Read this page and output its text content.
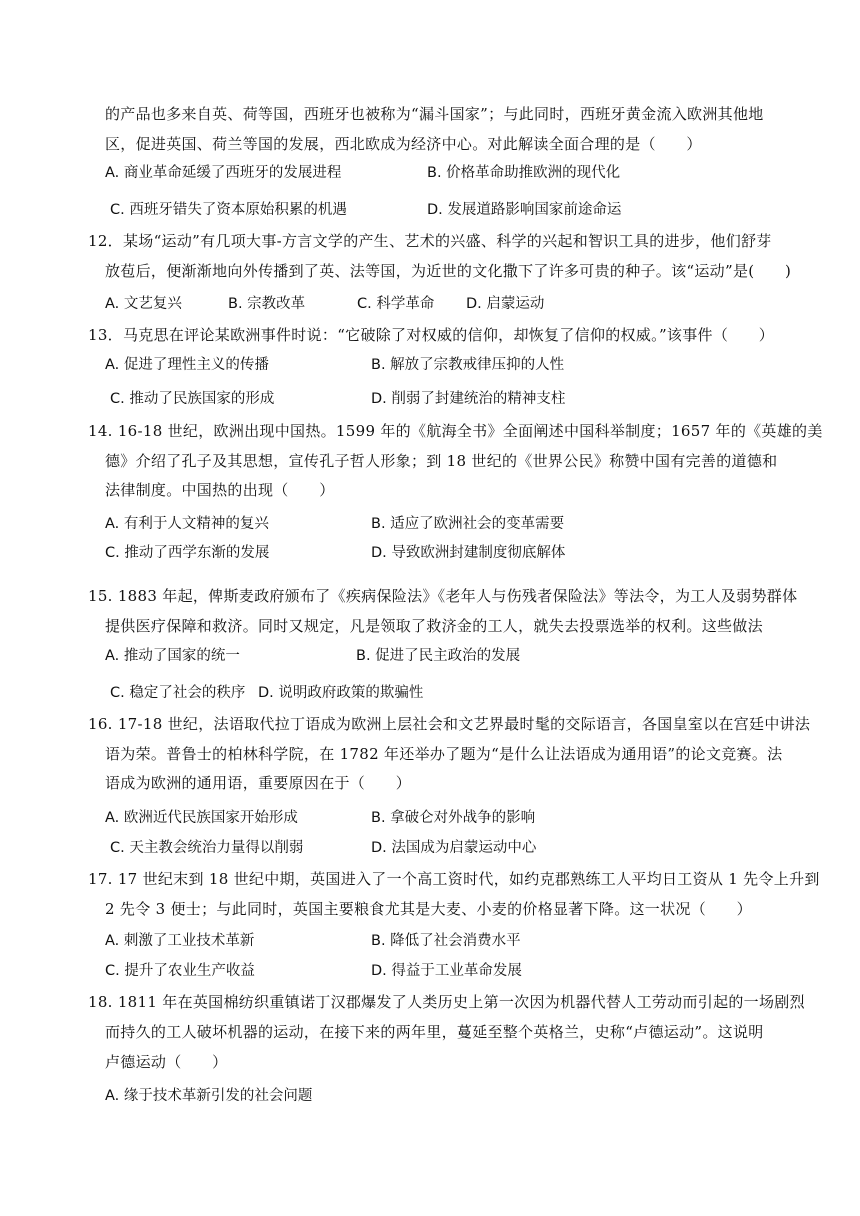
的产品也多来自英、荷等国，西班牙也被称为“漏斗国家”；与此同时，西班牙黄金流入欧洲其他地
区，促进英国、荷兰等国的发展，西北欧成为经济中心。对此解读全面合理的是（　　）
A. 商业革命延缓了西班牙的发展进程	B. 价格革命助推欧洲的现代化
C. 西班牙错失了资本原始积累的机遇	D. 发展道路影响国家前途命运
12．某场“运动”有几项大事-方言文学的产生、艺术的兴盛、科学的兴起和智识工具的进步，他们舒芽
放苞后，便渐渐地向外传播到了英、法等国，为近世的文化撒下了许多可贵的种子。该“运动”是(　　)
A. 文艺复兴	B. 宗教改革	C. 科学革命 D. 启蒙运动
13．马克思在评论某欧洲事件时说：“它破除了对权威的信仰，却恢复了信仰的权威。”该事件（　　）
A. 促进了理性主义的传播	B. 解放了宗教戒律压抑的人性
C. 推动了民族国家的形成	D. 削弱了封建统治的精神支柱
14. 16-18 世纪，欧洲出现中国热。1599 年的《航海全书》全面阐述中国科举制度；1657 年的《英雄的美
德》介绍了孔子及其思想，宣传孔子哲人形象；到 18 世纪的《世界公民》称赞中国有完善的道德和
法律制度。中国热的出现（　　）
A. 有利于人文精神的复兴	B. 适应了欧洲社会的变革需要
C. 推动了西学东渐的发展	D. 导致欧洲封建制度彻底解体
15. 1883 年起，俾斯麦政府颁布了《疾病保险法》《老年人与伤残者保险法》等法令，为工人及弱势群体
提供医疗保障和救济。同时又规定，凡是领取了救济金的工人，就失去投票选举的权利。这些做法
A. 推动了国家的统一	B. 促进了民主政治的发展
C. 稳定了社会的秩序 D. 说明政府政策的欺骗性
16. 17-18 世纪，法语取代拉丁语成为欧洲上层社会和文艺界最时髦的交际语言，各国皇室以在宫廷中讲法
语为荣。普鲁士的柏林科学院，在 1782 年还举办了题为“是什么让法语成为通用语”的论文竞赛。法
语成为欧洲的通用语，重要原因在于（　　）
A. 欧洲近代民族国家开始形成	B. 拿破仑对外战争的影响
C. 天主教会统治力量得以削弱	D. 法国成为启蒙运动中心
17. 17 世纪末到 18 世纪中期，英国进入了一个高工资时代，如约克郡熟练工人平均日工资从 1 先令上升到
2 先令 3 便士；与此同时，英国主要粮食尤其是大麦、小麦的价格显著下降。这一状况（　　）
A. 刺激了工业技术革新	B. 降低了社会消费水平
C. 提升了农业生产收益	D. 得益于工业革命发展
18. 1811 年在英国棉纺织重镇诺丁汉郡爆发了人类历史上第一次因为机器代替人工劳动而引起的一场剧烈
而持久的工人破坏机器的运动，在接下来的两年里，蔓延至整个英格兰，史称“卢德运动”。这说明
卢德运动（　　）
A. 缘于技术革新引发的社会问题
